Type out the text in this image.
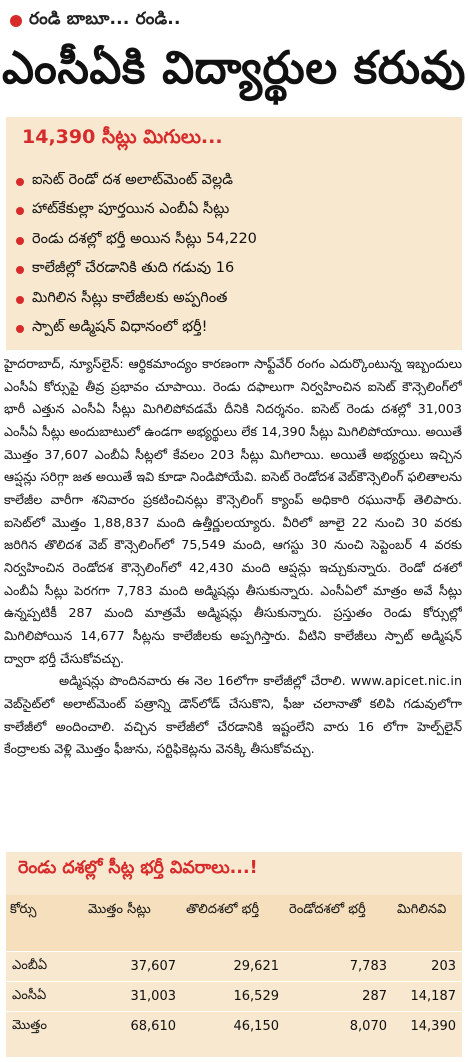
రండి బాబూ... రండి..
ఎంసీఏకి విద్యార్థుల కరువు
14,390 సీట్లు మిగులు...
ఐసెట్ రెండో దశ అలాట్‌మెంట్ వెల్లడి
హాట్‌కేకుల్లా పూర్తయిన ఎంబీఏ సీట్లు
రెండు దశల్లో భర్తీ అయిన సీట్లు 54,220
కాలేజీల్లో చేరడానికి తుది గడువు 16
మిగిలిన సీట్లు కాలేజీలకు అప్పగింత
స్పాట్ అడ్మిషన్ విధానంలో భర్తీ!

హైదరాబాద్, న్యూస్‌లైన్: ఆర్థికమాంద్యం కారణంగా సాఫ్ట్‌వేర్ రంగం ఎదుర్కొంటున్న ఇబ్బందులు ఎంసీఏ కోర్సుపై తీవ్ర ప్రభావం చూపాయి. రెండు దఫాలుగా నిర్వహించిన ఐసెట్ కౌన్సెలింగ్‌లో భారీ ఎత్తున ఎంసీఏ సీట్లు మిగిలిపోవడమే దీనికి నిదర్శనం. ఐసెట్ రెండు దశల్లో 31,003 ఎంసీఏ సీట్లు అందుబాటులో ఉండగా అభ్యర్థులు లేక 14,390 సీట్లు మిగిలిపోయాయి. అయితే మొత్తం 37,607 ఎంబీఏ సీట్లలో కేవలం 203 సీట్లు మిగిలాయి. అయితే అభ్యర్థులు ఇచ్చిన ఆప్షన్లు సరిగ్గా జత అయితే ఇవి కూడా నిండిపోయేవి. ఐసెట్ రెండోదశ వెబ్‌కౌన్సెలింగ్ ఫలితాలను కాలేజీల వారీగా శనివారం ప్రకటించినట్లు కౌన్సెలింగ్ క్యాంప్ అధికారి రఘునాథ్ తెలిపారు. ఐసెట్‌లో మొత్తం 1,88,837 మంది ఉత్తీర్ణులయ్యారు. వీరిలో జూలై 22 నుంచి 30 వరకు జరిగిన తొలిదశ వెబ్ కౌన్సెలింగ్‌లో 75,549 మంది, ఆగస్టు 30 నుంచి సెప్టెంబర్ 4 వరకు నిర్వహించిన రెండోదశ కౌన్సెలింగ్‌లో 42,430 మంది ఆప్షన్లు ఇచ్చుకున్నారు. రెండో దశలో ఎంబీఏ సీట్లు పెరగగా 7,783 మంది అడ్మిషన్లు తీసుకున్నారు. ఎంసీఏలో మాత్రం అవే సీట్లు ఉన్నప్పటికీ 287 మంది మాత్రమే అడ్మిషన్లు తీసుకున్నారు. ప్రస్తుతం రెండు కోర్సుల్లో మిగిలిపోయిన 14,677 సీట్లను కాలేజీలకు అప్పగిస్తారు. వీటిని కాలేజీలు స్పాట్ అడ్మిషన్ ద్వారా భర్తీ చేసుకోవచ్చు.

అడ్మిషన్లు పొందినవారు ఈ నెల 16లోగా కాలేజీల్లో చేరాలి. www.apicet.nic.in వెబ్‌సైట్‌లో అలాట్‌మెంట్ పత్రాన్ని డౌన్‌లోడ్ చేసుకొని, ఫీజు చలానాతో కలిపి గడువులోగా కాలేజీలో అందించాలి. వచ్చిన కాలేజీలో చేరడానికి ఇష్టంలేని వారు 16 లోగా హెల్ప్‌లైన్ కేంద్రాలకు వెళ్లి మొత్తం ఫీజును, సర్టిఫికెట్లను వెనక్కి తీసుకోవచ్చు.

రెండు దశల్లో సీట్ల భర్తీ వివరాలు...!
కోర్సు	మొత్తం సీట్లు	తొలిదశలో భర్తీ	రెండోదశలో భర్తీ	మిగిలినవి
ఎంబీఏ	37,607	29,621	7,783	203
ఎంసీఏ	31,003	16,529	287	14,187
మొత్తం	68,610	46,150	8,070	14,390
